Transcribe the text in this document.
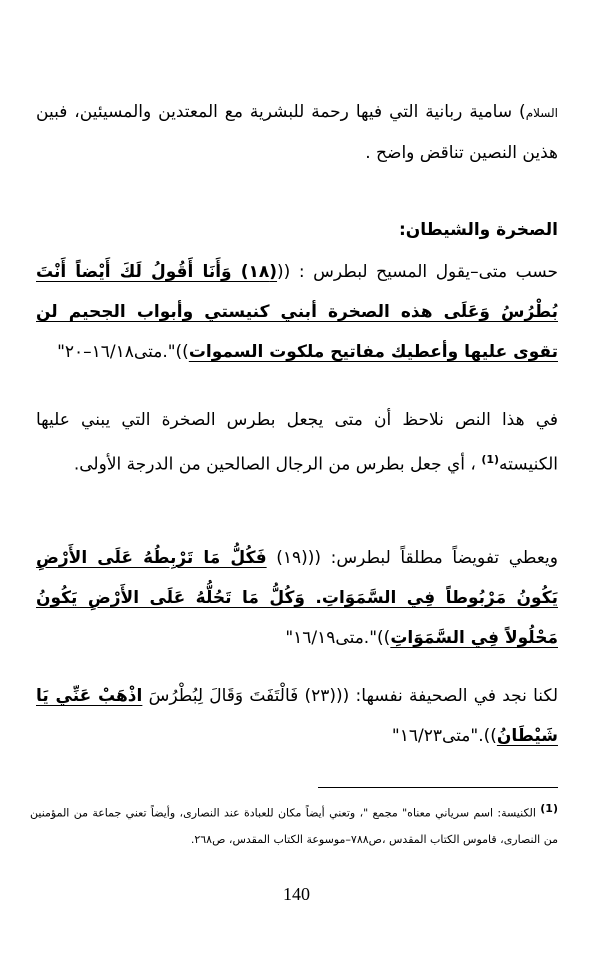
السلام) سامية ربانية التي فيها رحمة للبشرية مع المعتدين والمسيئين، فبين هذين النصين تناقض واضح .

الصخرة والشيطان:

حسب متى–يقول المسيح لبطرس : (((١٨) وَأَنَا أَقُولُ لَكَ أَيْضاً أَنْتَ بُطْرُسُ وَعَلَى هذه الصخرة أبني كنيستي وأبواب الجحيم لن تقوى عليها وأعطيك مفاتيح ملكوت السموات))".متى١٦/١٨–٢٠"

في هذا النص نلاحظ أن متى يجعل بطرس الصخرة التي يبني عليها الكنيسته$^{(1)}$ ، أي جعل بطرس من الرجال الصالحين من الدرجة الأولى.

ويعطي تفويضاً مطلقاً لبطرس: (((١٩) فَكُلُّ مَا تَرْبِطُهُ عَلَى الأَرْضِ يَكُونُ مَرْبُوطاً فِي السَّمَوَاتِ. وَكُلُّ مَا تَحُلُّهُ عَلَى الأَرْضِ يَكُونُ مَحْلُولاً فِي السَّمَوَاتِ))".متى١٦/١٩"

لكنا نجد في الصحيفة نفسها: (((٢٣) فَالْتَفَتَ وَقَالَ لِبُطْرُسَ اذْهَبْ عَنِّي يَا شَيْطَانُ))."متى١٦/٢٣"

(1) الكنيسة: اسم سرياني معناه" مجمع "، وتعني أيضاً مكان للعبادة عند النصارى، وأيضاً تعني جماعة من المؤمنين من النصارى، قاموس الكتاب المقدس ،ص٧٨٨–موسوعة الكتاب المقدس، ص٢٦٨.

140
